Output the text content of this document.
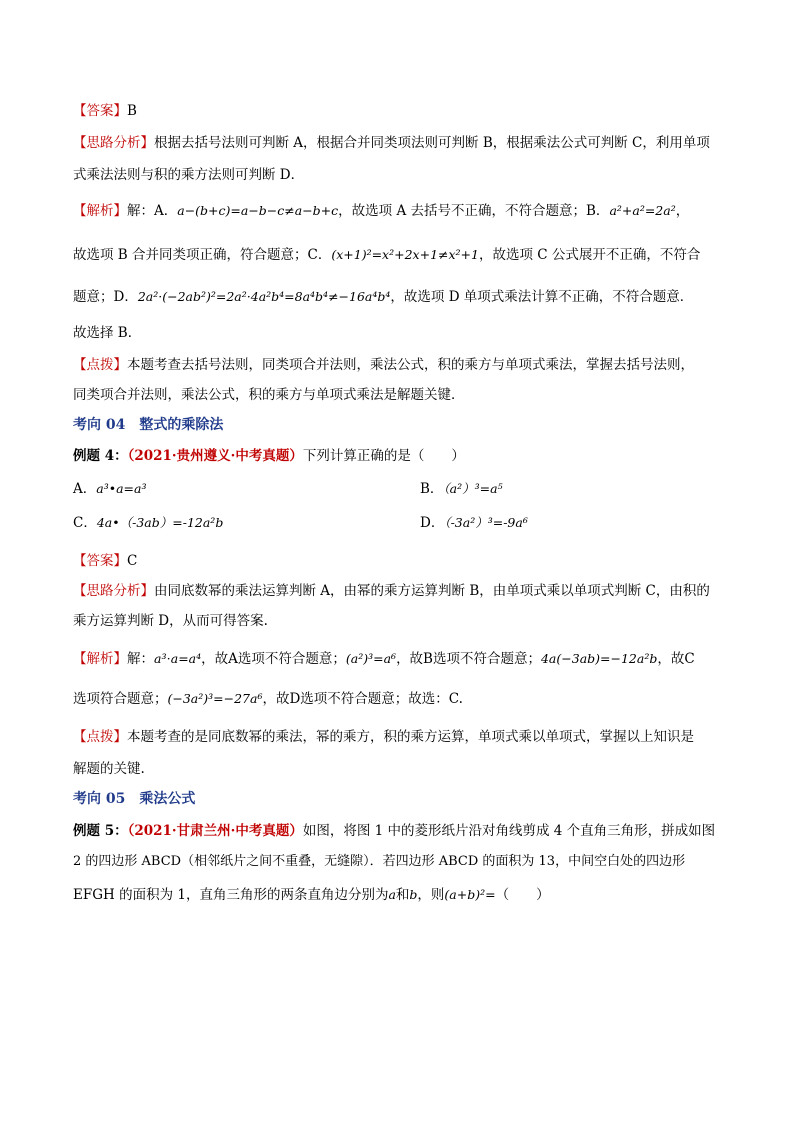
【答案】B
【思路分析】根据去括号法则可判断 A，根据合并同类项法则可判断 B，根据乘法公式可判断 C，利用单项
式乘法法则与积的乘方法则可判断 D．
【解析】解：A．a−(b+c)=a−b−c≠a−b+c，故选项 A 去括号不正确，不符合题意；B．a²+a²=2a²，
故选项 B 合并同类项正确，符合题意；C．(x+1)²=x²+2x+1≠x²+1，故选项 C 公式展开不正确，不符合
题意；D．2a²·(−2ab²)²=2a²·4a²b⁴=8a⁴b⁴≠−16a⁴b⁴，故选项 D 单项式乘法计算不正确，不符合题意．
故选择 B．
【点拨】本题考查去括号法则，同类项合并法则，乘法公式，积的乘方与单项式乘法，掌握去括号法则，
同类项合并法则，乘法公式，积的乘方与单项式乘法是解题关键．
考向 04 整式的乘除法
例题 4：（2021·贵州遵义·中考真题）下列计算正确的是（　　）
A．a³•a=a³	B．（a²）³=a⁵
C．4a•（-3ab）=-12a²b	D．（-3a²）³=-9a⁶
【答案】C
【思路分析】由同底数幂的乘法运算判断 A，由幂的乘方运算判断 B，由单项式乘以单项式判断 C，由积的
乘方运算判断 D，从而可得答案.
【解析】解：a³⋅a=a⁴，故A选项不符合题意；(a²)³=a⁶，故B选项不符合题意；4a(−3ab)=−12a²b，故C
选项符合题意；(−3a²)³=−27a⁶，故D选项不符合题意；故选：C.
【点拨】本题考查的是同底数幂的乘法，幂的乘方，积的乘方运算，单项式乘以单项式，掌握以上知识是
解题的关键.
考向 05 乘法公式
例题 5：（2021·甘肃兰州·中考真题）如图，将图 1 中的菱形纸片沿对角线剪成 4 个直角三角形，拼成如图
2 的四边形 ABCD（相邻纸片之间不重叠，无缝隙）．若四边形 ABCD 的面积为 13，中间空白处的四边形
EFGH 的面积为 1，直角三角形的两条直角边分别为a和b，则(a+b)²=（　　）
